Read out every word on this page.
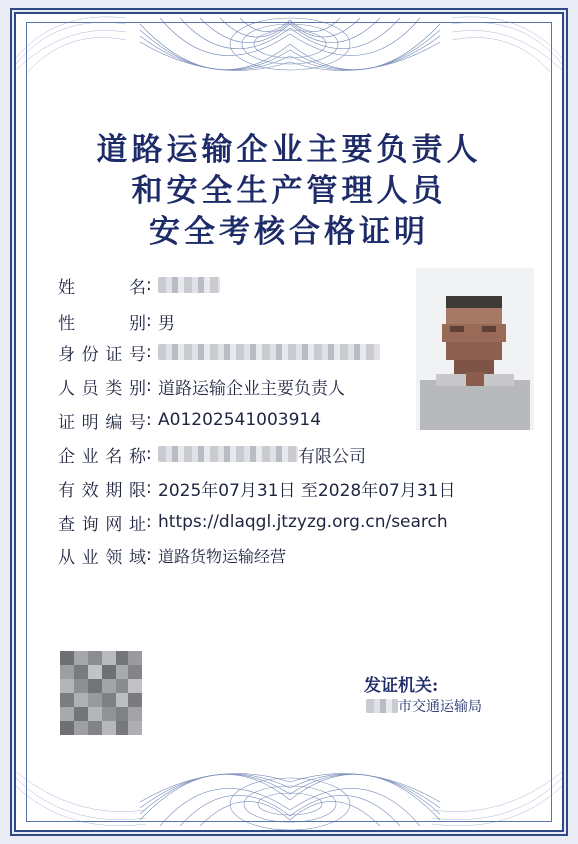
道路运输企业主要负责人
和安全生产管理人员
安全考核合格证明
姓　　名 :
性　　别 : 男
身份证号 :
人员类别 : 道路运输企业主要负责人
证明编号 : A01202541003914
企业名称 :	有限公司
有效期限 : 2025年07月31日 至2028年07月31日
查询网址 : https://dlaqgl.jtzyzg.org.cn/search
从业领域 : 道路货物运输经营
发证机关:
市交通运输局
